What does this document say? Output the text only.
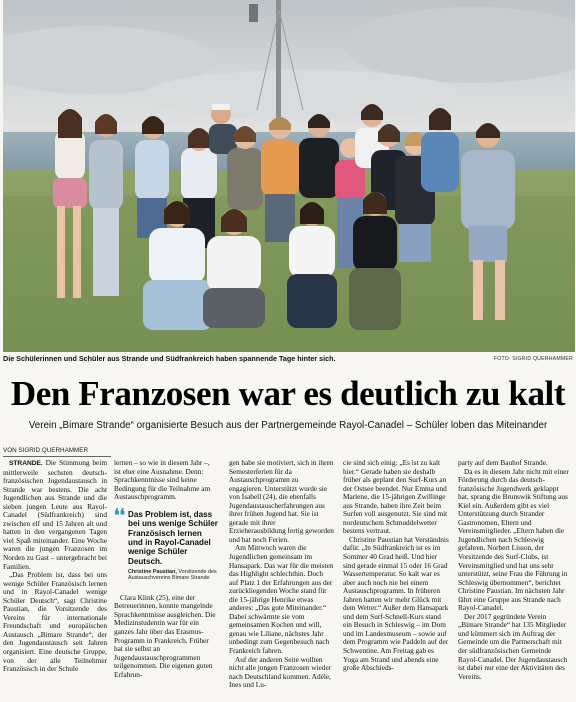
Die Schülerinnen und Schüler aus Strande und Südfrankreich haben spannende Tage hinter sich.	FOTO: SIGRID QUERHAMMER
Den Franzosen war es deutlich zu kalt
Verein „Bimare Strande“ organisierte Besuch aus der Partnergemeinde Rayol-Canadel – Schüler loben das Miteinander
VON SIGRID QUERHAMMER

STRANDE. Die Stimmung beim mittlerweile sechsten deutsch-französischen Jugendaustausch in Strande war bestens. Die acht Jugendlichen aus Strande und die sieben jungen Leute aus Rayol-Canadel (Südfrankreich) sind zwischen elf und 15 Jahren alt und hatten in den vergangenen Tagen viel Spaß miteinander. Eine Woche waren die jungen Franzosen im Norden zu Gast – untergebracht bei Familien.

„Das Problem ist, dass bei uns wenige Schüler Französisch lernen und in Rayol-Canadel wenige Schüler Deutsch“, sagt Christine Paustian, die Vorsitzende des Vereins für internationale Freundschaft und europäischen Austausch „Bimare Strande“, der den Jugendaustausch seit Jahren organisiert. Eine deutsche Gruppe, von der alle Teilnehmer Französisch in der Schule

lernen – so wie in diesem Jahr –, ist eher eine Ausnahme. Denn: Sprachkenntnisse sind keine Bedingung für die Teilnahme am Austauschprogramm.

❛❛ Das Problem ist, dass bei uns wenige Schüler Französisch lernen und in Rayol-Canadel wenige Schüler Deutsch.
Christine Paustian, Vorsitzende des Austauschvereins Bimare Strande

Clara Klink (25), eine der Betreuerinnen, konnte mangelnde Sprachkenntnisse ausgleichen. Die Medizinstudentin war für ein ganzes Jahr über das Erasmus-Programm in Frankreich. Früher hat sie selbst an Jugendaustauschprogrammen teilgenommen. Die eigenen guten Erfahrun-

gen habe sie motiviert, sich in ihren Semesterferien für da Austauschprogramm zu engagieren. Unterstützt wurde sie von Isabell (24), die ebenfalls Jugendaustauscherfahrungen aus ihrer frühen Jugend hat. Sie ist gerade mit ihrer Erzieherausbildung fertig geworden und hat noch Ferien.

Am Mittwoch waren die Jugendlichen gemeinsam im Hansapark. Das war für die meisten das Highlight schlechthin. Doch auf Platz 1 der Erfahrungen aus der zurückliegenden Woche stand für die 15-jährige Henrike etwas anderes: „Das gute Miteinander.“ Dabei schwärmte sie vom gemeinsamen Kochen und will, genau wie Liliane, nächstes Jahr unbedingt zum Gegenbesuch nach Frankreich fahren.

Auf der anderen Seite wollten nicht alle jungen Franzosen wieder nach Deutschland kommen. Adèle, Ines und Lu-

cie sind sich einig: „Es ist zu kalt hier.“ Gerade haben sie deshalb früher als geplant den Surf-Kurs an der Ostsee beendet. Nur Emma und Marlene, die 15-jährigen Zwillinge aus Strande, haben ihre Zeit beim Surfen voll ausgenutzt. Sie sind mit nordeutschem Schmuddelwetter bestens vertraut.

Christine Paustian hat Verständnis dafür. „In Südfrankreich ist es im Sommer 40 Grad heiß. Und hier sind gerade einmal 15 oder 16 Grad Wassertemperatur. So kalt war es aber auch noch nie bei einem Austauschprogramm. In früheren Jahren hatten wir mehr Glück mit dem Wetter.“ Außer dem Hansapark und dem Surf-Schnell-Kurs stand ein Besuch in Schleswig – im Dom und im Landesmuseum – sowie auf dem Programm wie Paddeln auf der Schwentine. Am Freitag gab es Yoga am Strand und abends eine große Abschieds-

party auf dem Bauhof Strande.

Da es in diesem Jahr nicht mit einer Förderung durch das deutsch-französische Jugendwerk geklappt hat, sprang die Brunswik Stiftung aus Kiel ein. Außerdem gibt es viel Unterstützung durch Strander Gastronomen, Eltern und Vereinsmitglieder. „Eltern haben die Jugendlichen nach Schleswig gefahren. Norbert Lisson, der Vorsitzende des Surf-Clubs, ist Vereinsmitglied und hat uns sehr unterstützt, seine Frau die Führung in Schleswig übernommen“, berichtet Christine Paustian. Im nächsten Jahr fährt eine Gruppe aus Strande nach Rayol-Canadel.

Der 2017 gegründete Verein „Bimare Strande“ hat 135 Mitglieder und kümmert sich im Auftrag der Gemeinde um die Partnerschaft mit der südfranzösischen Gemeinde Rayol-Canadel. Der Jugendaustausch ist dabei nur eine der Aktivitäten des Vereins.
